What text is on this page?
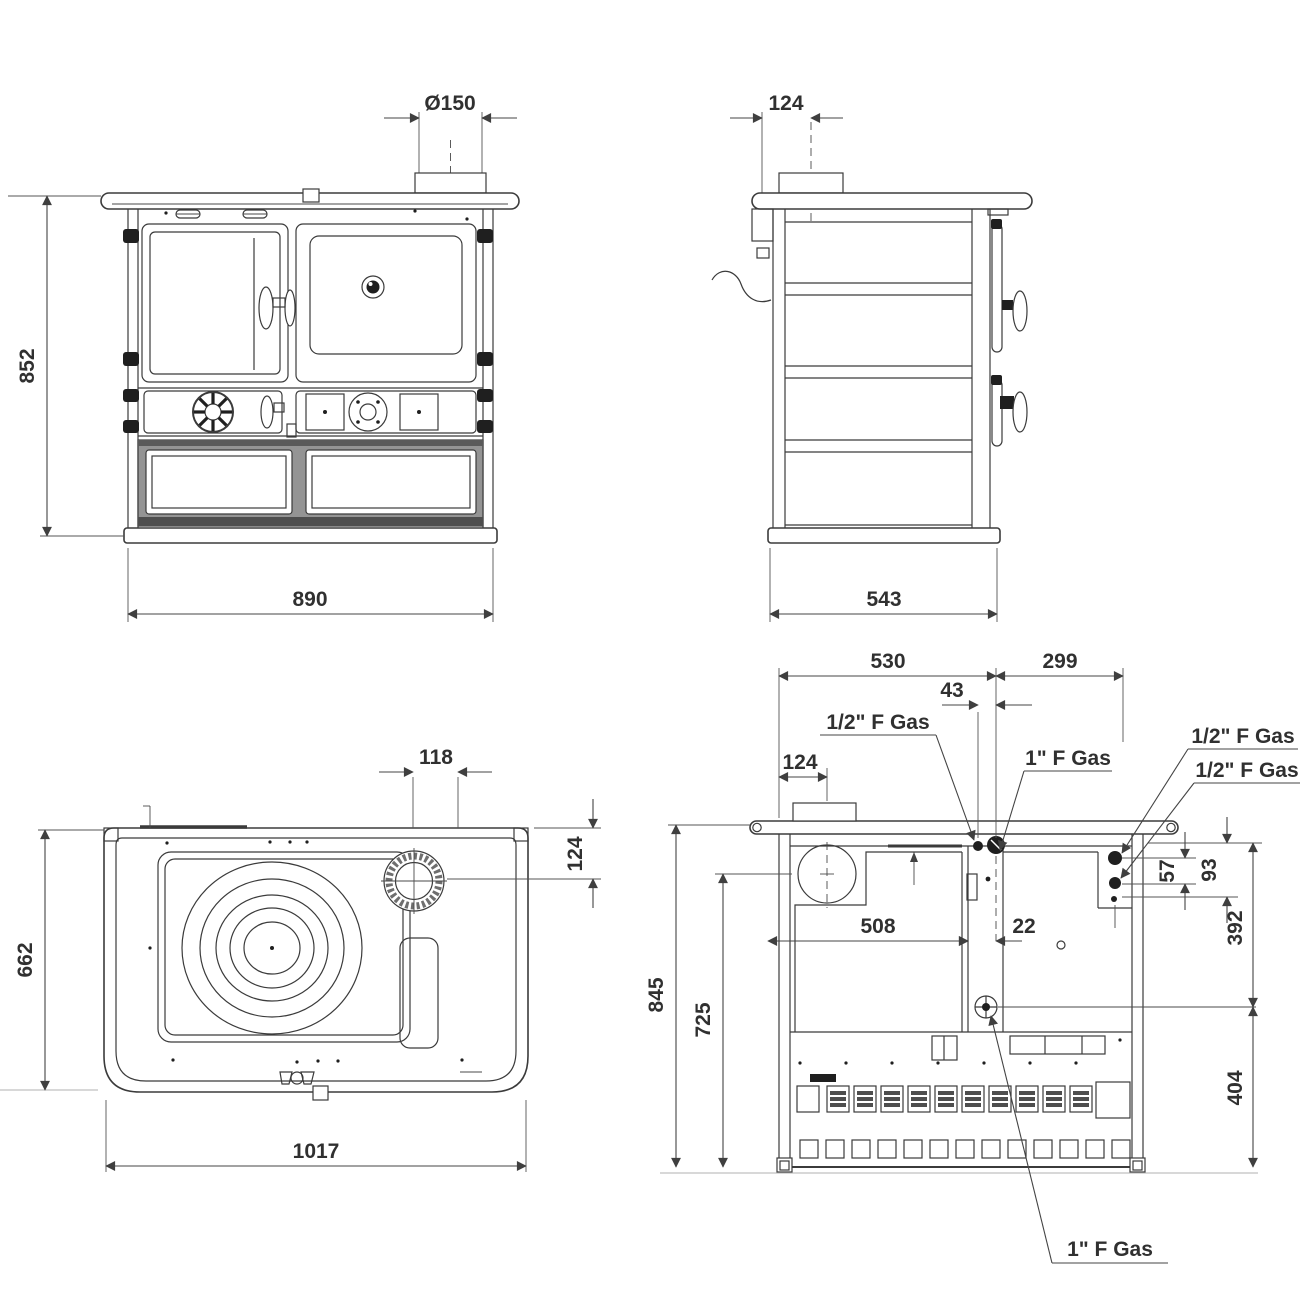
Ø150
852
890
124
543
118
124
662
1017
530	299
43
124
508	22
845
725
57 93
392
404
1/2" F Gas
1" F Gas
1/2" F Gas
1/2" F Gas
1" F Gas
